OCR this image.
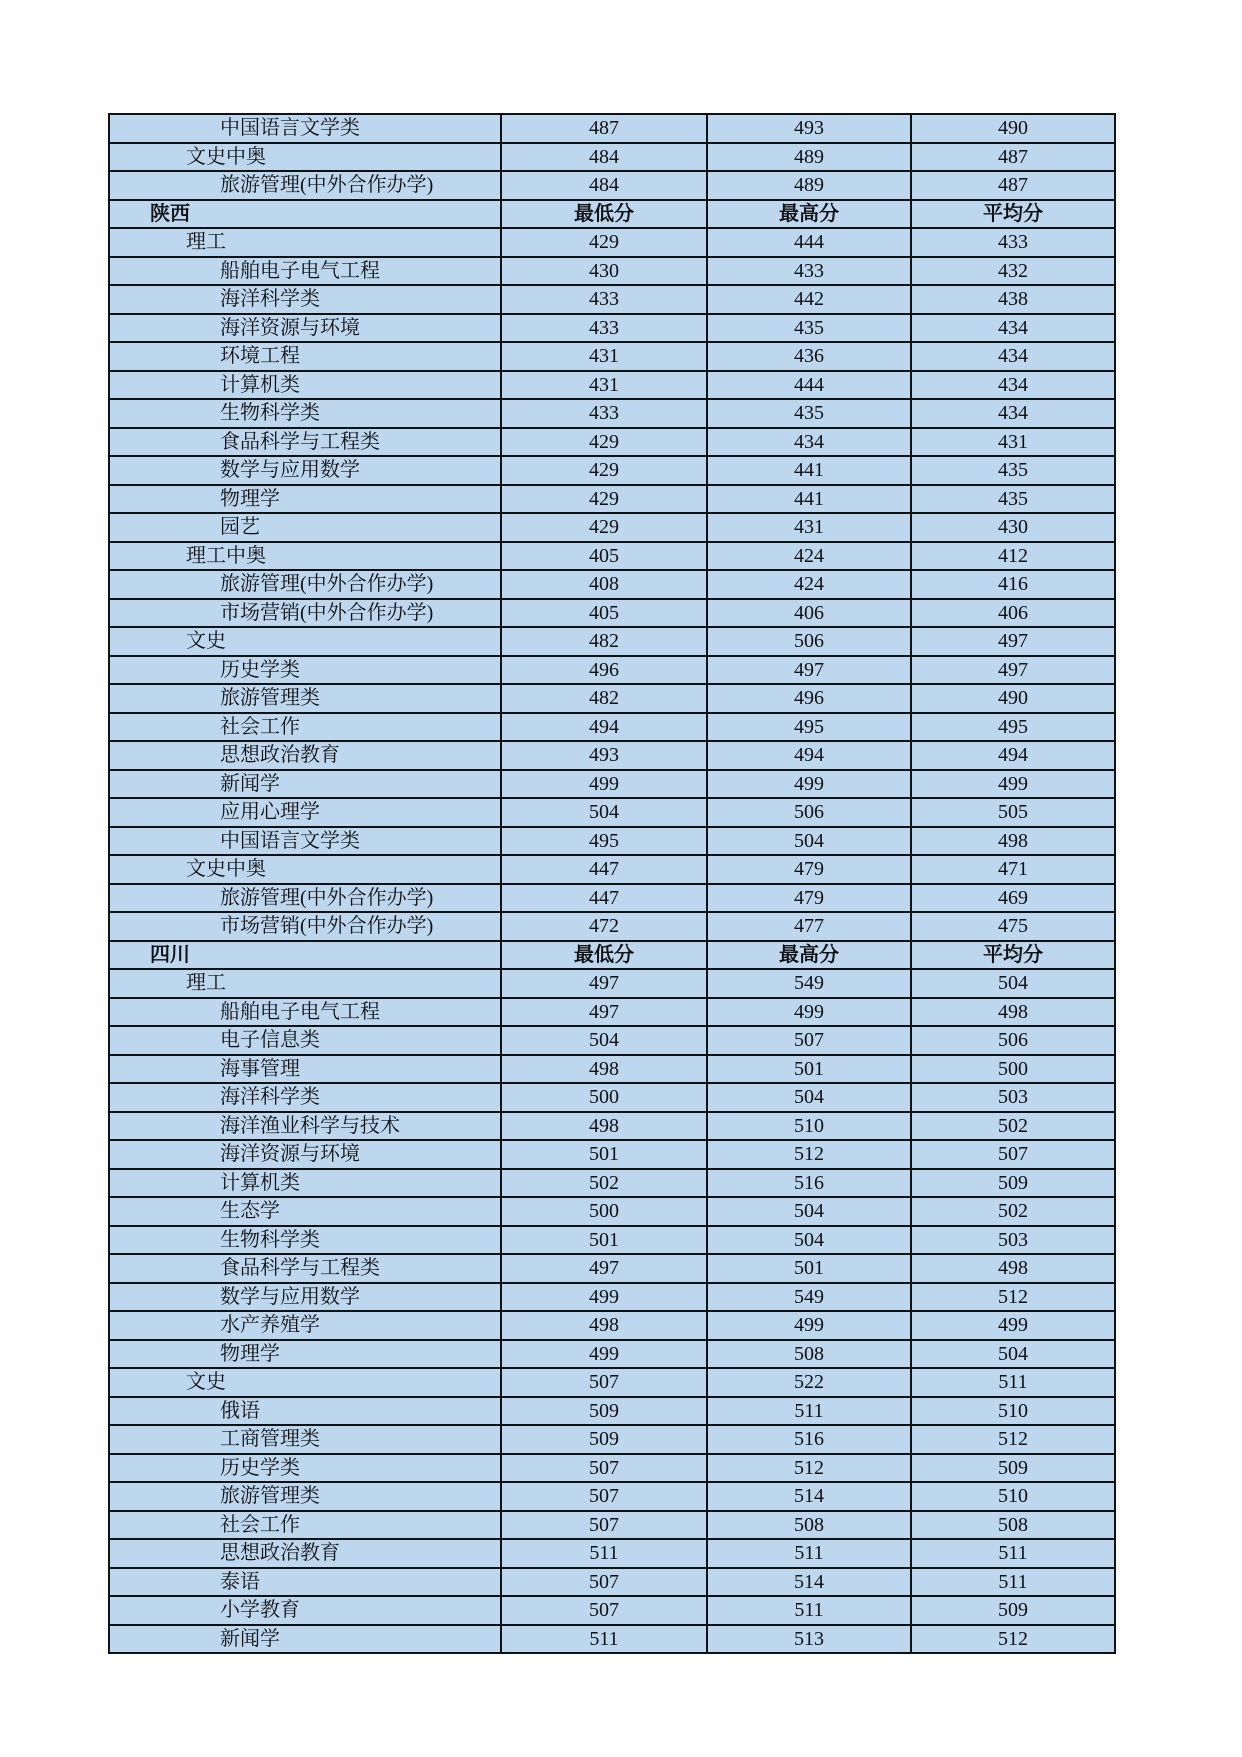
中国语言文学类	487	493	490
文史中奥	484	489	487
旅游管理(中外合作办学)	484	489	487
陕西	最低分	最高分	平均分
理工	429	444	433
船舶电子电气工程	430	433	432
海洋科学类	433	442	438
海洋资源与环境	433	435	434
环境工程	431	436	434
计算机类	431	444	434
生物科学类	433	435	434
食品科学与工程类	429	434	431
数学与应用数学	429	441	435
物理学	429	441	435
园艺	429	431	430
理工中奥	405	424	412
旅游管理(中外合作办学)	408	424	416
市场营销(中外合作办学)	405	406	406
文史	482	506	497
历史学类	496	497	497
旅游管理类	482	496	490
社会工作	494	495	495
思想政治教育	493	494	494
新闻学	499	499	499
应用心理学	504	506	505
中国语言文学类	495	504	498
文史中奥	447	479	471
旅游管理(中外合作办学)	447	479	469
市场营销(中外合作办学)	472	477	475
四川	最低分	最高分	平均分
理工	497	549	504
船舶电子电气工程	497	499	498
电子信息类	504	507	506
海事管理	498	501	500
海洋科学类	500	504	503
海洋渔业科学与技术	498	510	502
海洋资源与环境	501	512	507
计算机类	502	516	509
生态学	500	504	502
生物科学类	501	504	503
食品科学与工程类	497	501	498
数学与应用数学	499	549	512
水产养殖学	498	499	499
物理学	499	508	504
文史	507	522	511
俄语	509	511	510
工商管理类	509	516	512
历史学类	507	512	509
旅游管理类	507	514	510
社会工作	507	508	508
思想政治教育	511	511	511
泰语	507	514	511
小学教育	507	511	509
新闻学	511	513	512
